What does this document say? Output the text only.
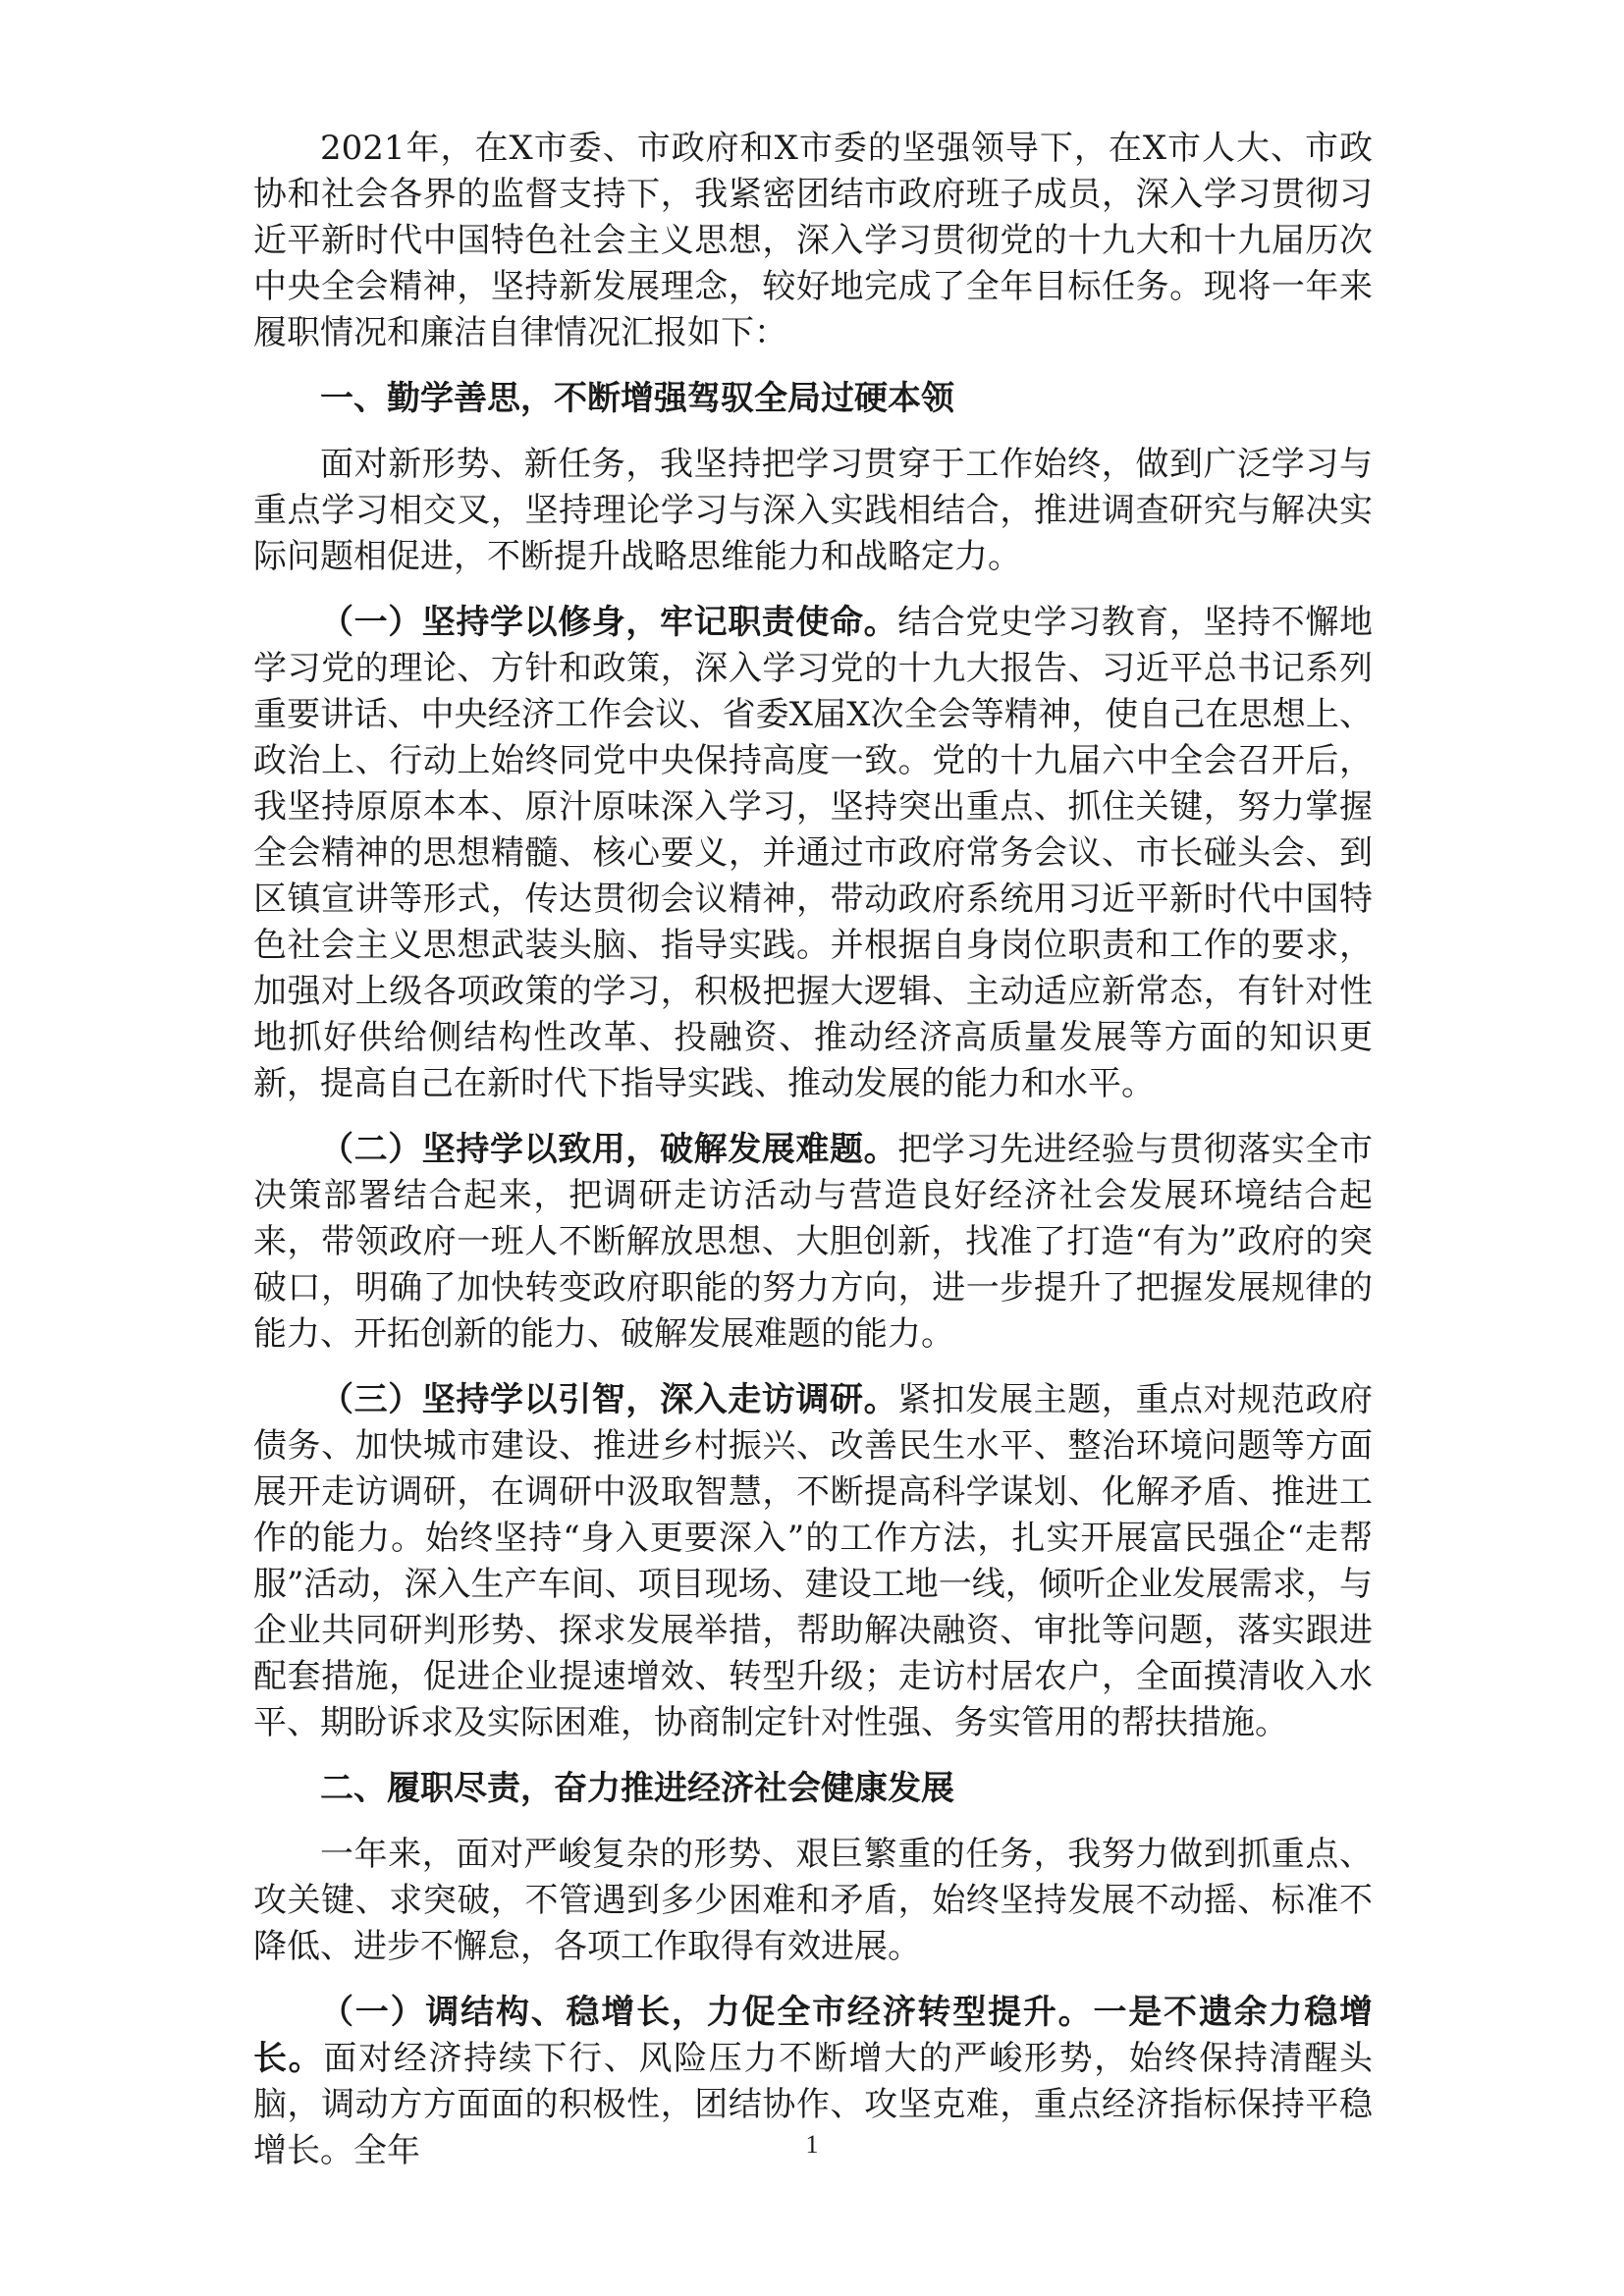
2021年，在X市委、市政府和X市委的坚强领导下，在X市人大、市政协和社会各界的监督支持下，我紧密团结市政府班子成员，深入学习贯彻习近平新时代中国特色社会主义思想，深入学习贯彻党的十九大和十九届历次中央全会精神，坚持新发展理念，较好地完成了全年目标任务。现将一年来履职情况和廉洁自律情况汇报如下：

一、勤学善思，不断增强驾驭全局过硬本领

面对新形势、新任务，我坚持把学习贯穿于工作始终，做到广泛学习与重点学习相交叉，坚持理论学习与深入实践相结合，推进调查研究与解决实际问题相促进，不断提升战略思维能力和战略定力。

（一）坚持学以修身，牢记职责使命。结合党史学习教育，坚持不懈地学习党的理论、方针和政策，深入学习党的十九大报告、习近平总书记系列重要讲话、中央经济工作会议、省委X届X次全会等精神，使自己在思想上、政治上、行动上始终同党中央保持高度一致。党的十九届六中全会召开后，我坚持原原本本、原汁原味深入学习，坚持突出重点、抓住关键，努力掌握全会精神的思想精髓、核心要义，并通过市政府常务会议、市长碰头会、到区镇宣讲等形式，传达贯彻会议精神，带动政府系统用习近平新时代中国特色社会主义思想武装头脑、指导实践。并根据自身岗位职责和工作的要求，加强对上级各项政策的学习，积极把握大逻辑、主动适应新常态，有针对性地抓好供给侧结构性改革、投融资、推动经济高质量发展等方面的知识更新，提高自己在新时代下指导实践、推动发展的能力和水平。

（二）坚持学以致用，破解发展难题。把学习先进经验与贯彻落实全市决策部署结合起来，把调研走访活动与营造良好经济社会发展环境结合起来，带领政府一班人不断解放思想、大胆创新，找准了打造“有为”政府的突破口，明确了加快转变政府职能的努力方向，进一步提升了把握发展规律的能力、开拓创新的能力、破解发展难题的能力。

（三）坚持学以引智，深入走访调研。紧扣发展主题，重点对规范政府债务、加快城市建设、推进乡村振兴、改善民生水平、整治环境问题等方面展开走访调研，在调研中汲取智慧，不断提高科学谋划、化解矛盾、推进工作的能力。始终坚持“身入更要深入”的工作方法，扎实开展富民强企“走帮服”活动，深入生产车间、项目现场、建设工地一线，倾听企业发展需求，与企业共同研判形势、探求发展举措，帮助解决融资、审批等问题，落实跟进配套措施，促进企业提速增效、转型升级；走访村居农户，全面摸清收入水平、期盼诉求及实际困难，协商制定针对性强、务实管用的帮扶措施。

二、履职尽责，奋力推进经济社会健康发展

一年来，面对严峻复杂的形势、艰巨繁重的任务，我努力做到抓重点、攻关键、求突破，不管遇到多少困难和矛盾，始终坚持发展不动摇、标准不降低、进步不懈怠，各项工作取得有效进展。

（一）调结构、稳增长，力促全市经济转型提升。一是不遗余力稳增长。面对经济持续下行、风险压力不断增大的严峻形势，始终保持清醒头脑，调动方方面面的积极性，团结协作、攻坚克难，重点经济指标保持平稳增长。全年	1
